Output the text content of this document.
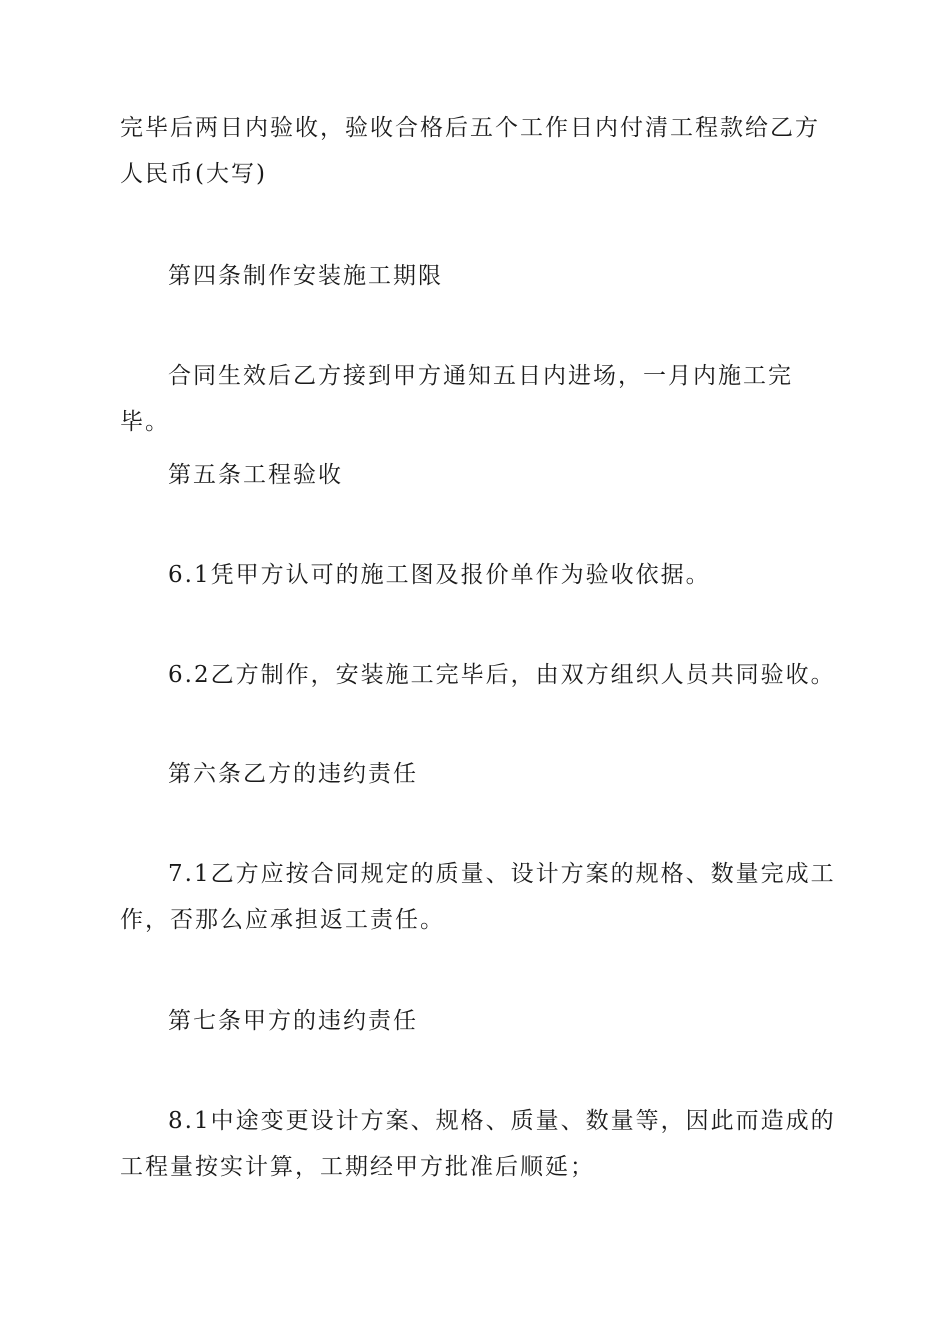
完毕后两日内验收，验收合格后五个工作日内付清工程款给乙方人民币(大写)

第四条制作安装施工期限

合同生效后乙方接到甲方通知五日内进场，一月内施工完毕。

第五条工程验收

6.1凭甲方认可的施工图及报价单作为验收依据。

6.2乙方制作，安装施工完毕后，由双方组织人员共同验收。

第六条乙方的违约责任

7.1乙方应按合同规定的质量、设计方案的规格、数量完成工作，否那么应承担返工责任。

第七条甲方的违约责任

8.1中途变更设计方案、规格、质量、数量等，因此而造成的工程量按实计算，工期经甲方批准后顺延；
